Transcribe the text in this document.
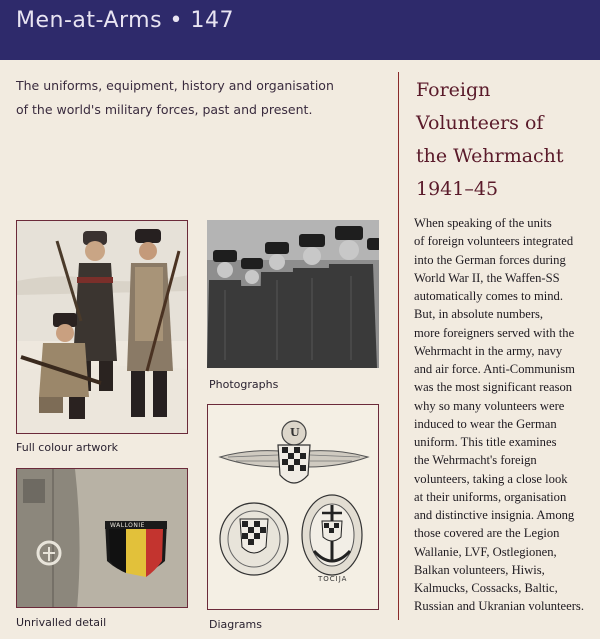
Men-at-Arms • 147
The uniforms, equipment, history and organisation
of the world's military forces, past and present.
Foreign
Volunteers of
the Wehrmacht
1941–45
When speaking of the units
of foreign volunteers integrated
into the German forces during
World War II, the Waffen-SS
automatically comes to mind.
But, in absolute numbers,
more foreigners served with the
Wehrmacht in the army, navy
and air force. Anti-Communism
was the most significant reason
why so many volunteers were
induced to wear the German
uniform. This title examines
the Wehrmacht's foreign
volunteers, taking a close look
at their uniforms, organisation
and distinctive insignia. Among
those covered are the Legion
Wallanie, LVF, Ostlegionen,
Balkan volunteers, Hiwis,
Kalmucks, Cossacks, Baltic,
Russian and Ukranian volunteers.
Full colour artwork
Photographs
WALLONIE
Unrivalled detail
U
TOCIJA
Diagrams
